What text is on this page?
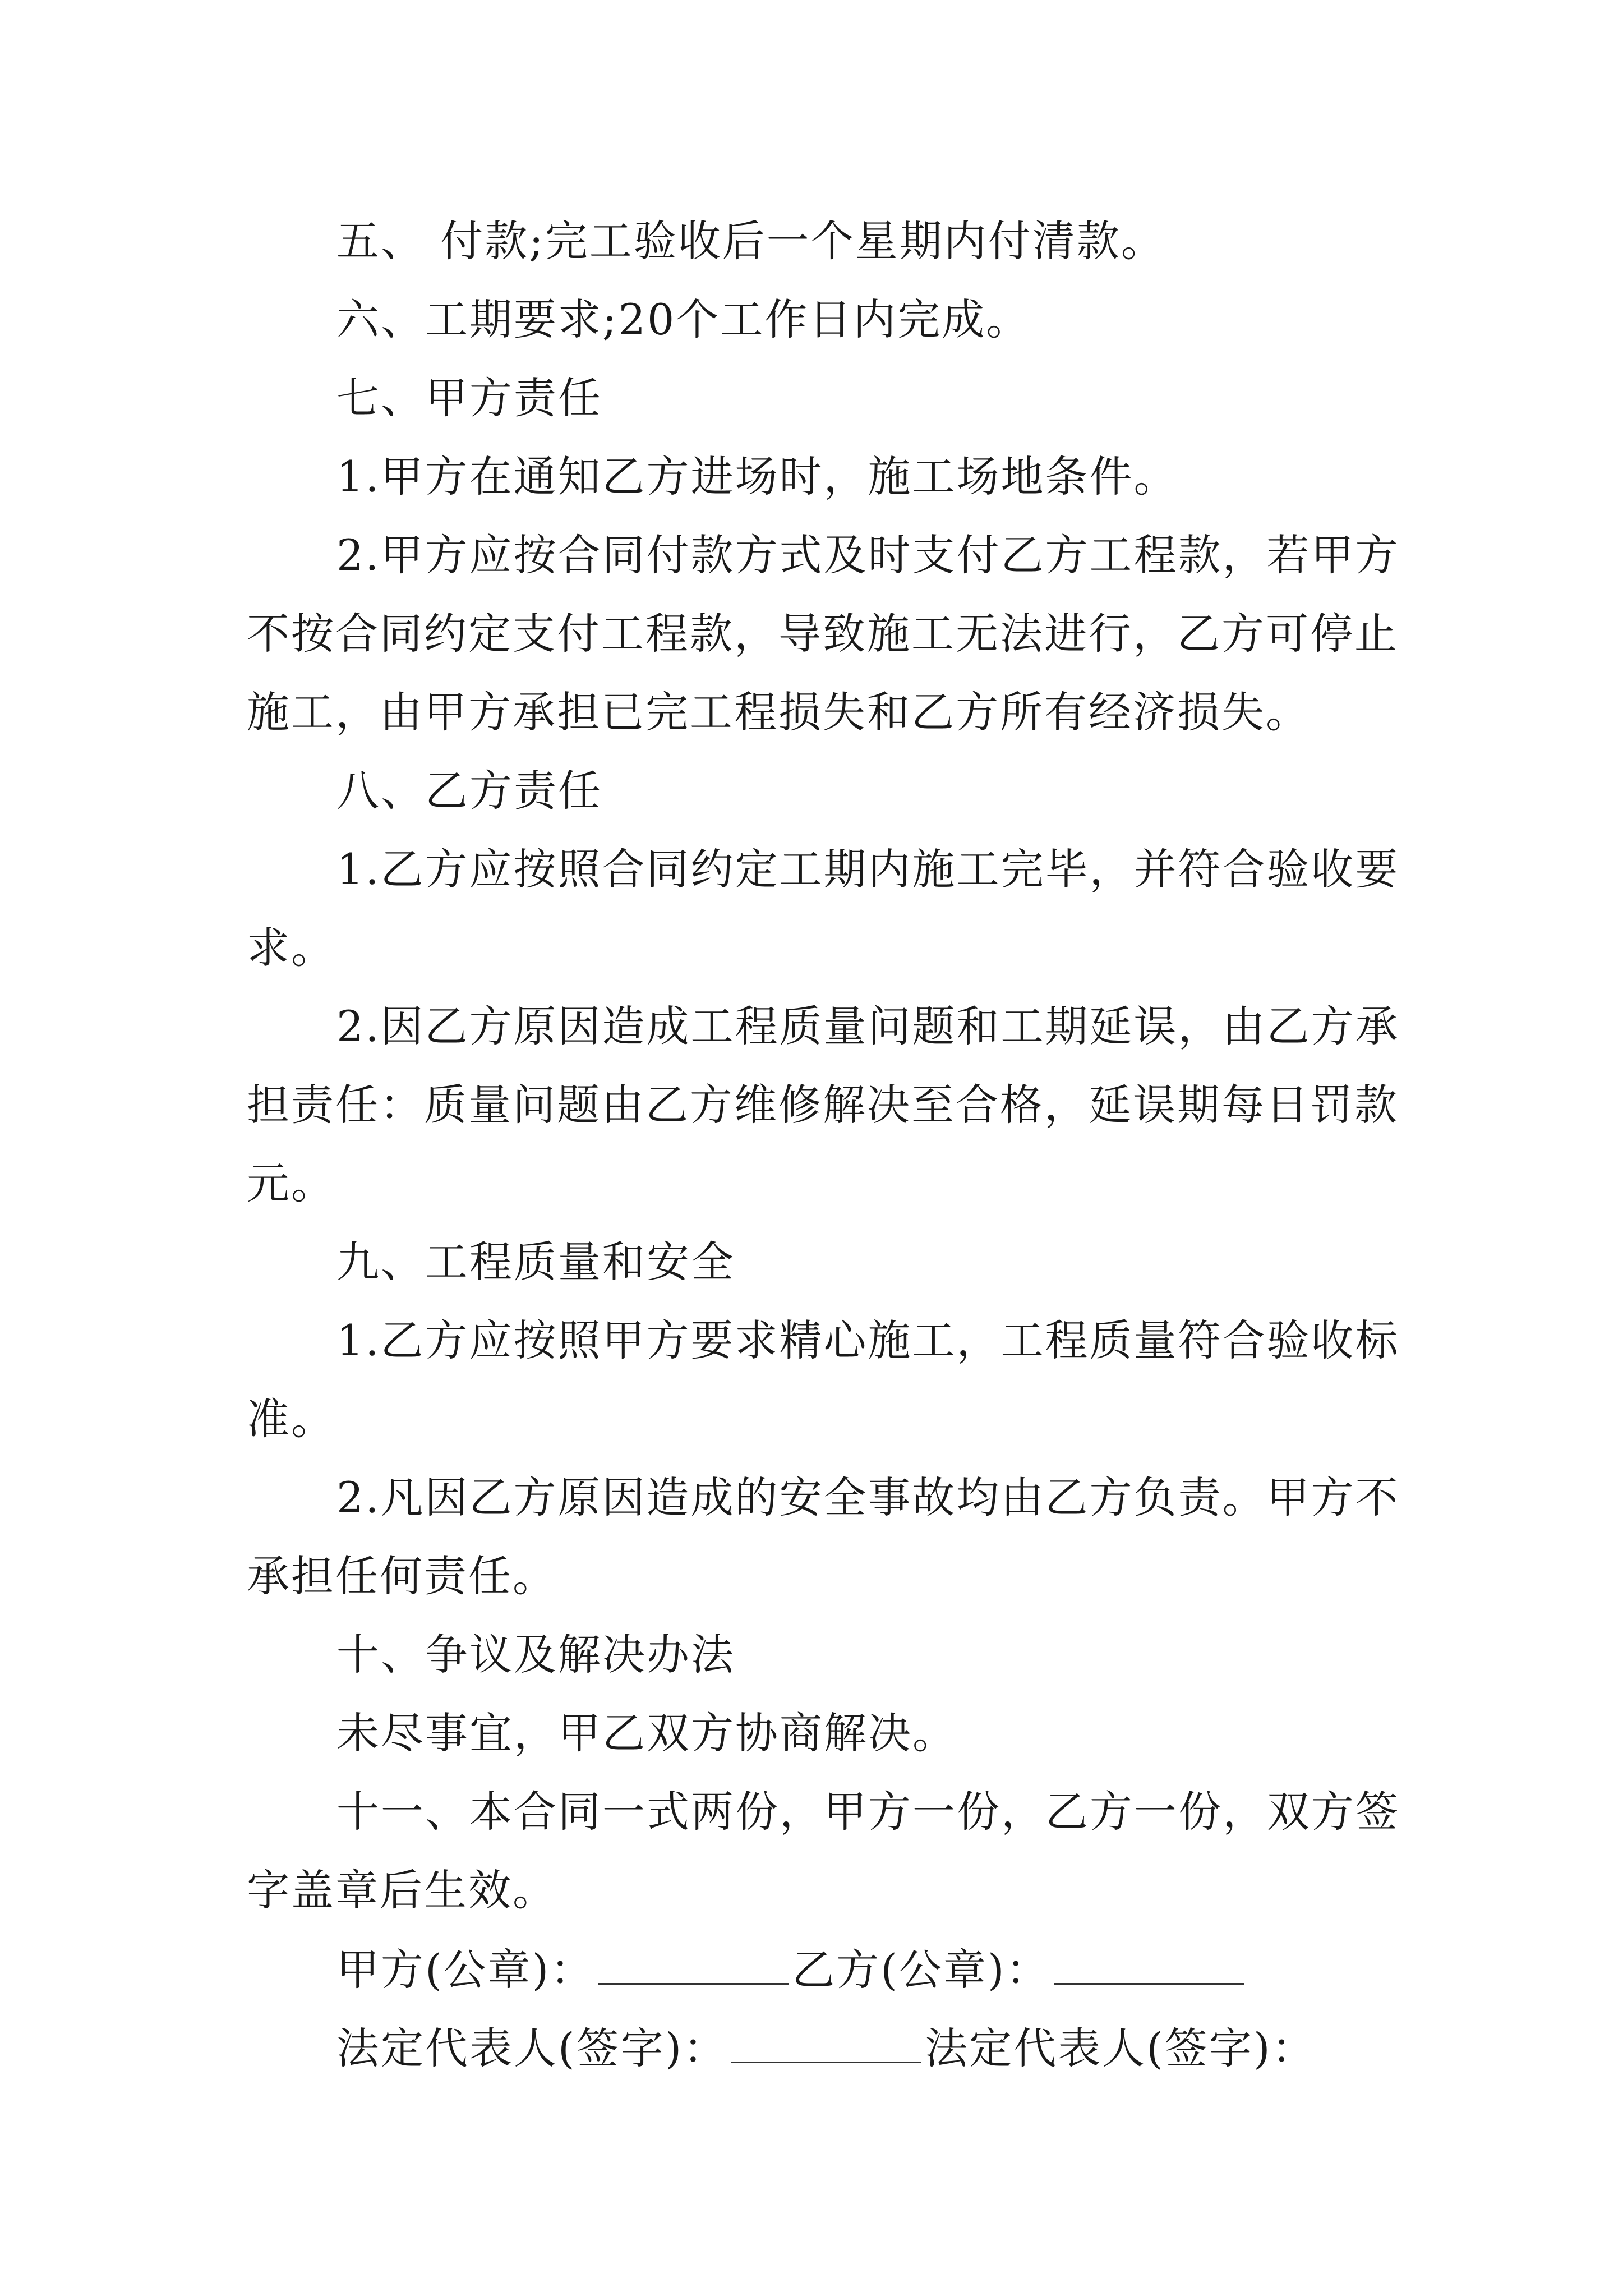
五、 付款;完工验收后一个星期内付清款。
六、工期要求;20个工作日内完成。
七、甲方责任
1.甲方在通知乙方进场时，施工场地条件。
2.甲方应按合同付款方式及时支付乙方工程款，若甲方
不按合同约定支付工程款，导致施工无法进行，乙方可停止
施工，由甲方承担已完工程损失和乙方所有经济损失。
八、乙方责任
1.乙方应按照合同约定工期内施工完毕，并符合验收要
求。
2.因乙方原因造成工程质量问题和工期延误，由乙方承
担责任：质量问题由乙方维修解决至合格，延误期每日罚款
元。
九、工程质量和安全
1.乙方应按照甲方要求精心施工，工程质量符合验收标
准。
2.凡因乙方原因造成的安全事故均由乙方负责。甲方不
承担任何责任。
十、争议及解决办法
未尽事宜，甲乙双方协商解决。
十一、本合同一式两份，甲方一份，乙方一份，双方签
字盖章后生效。
甲方(公章)：	乙方(公章)：
法定代表人(签字)：	法定代表人(签字)：
